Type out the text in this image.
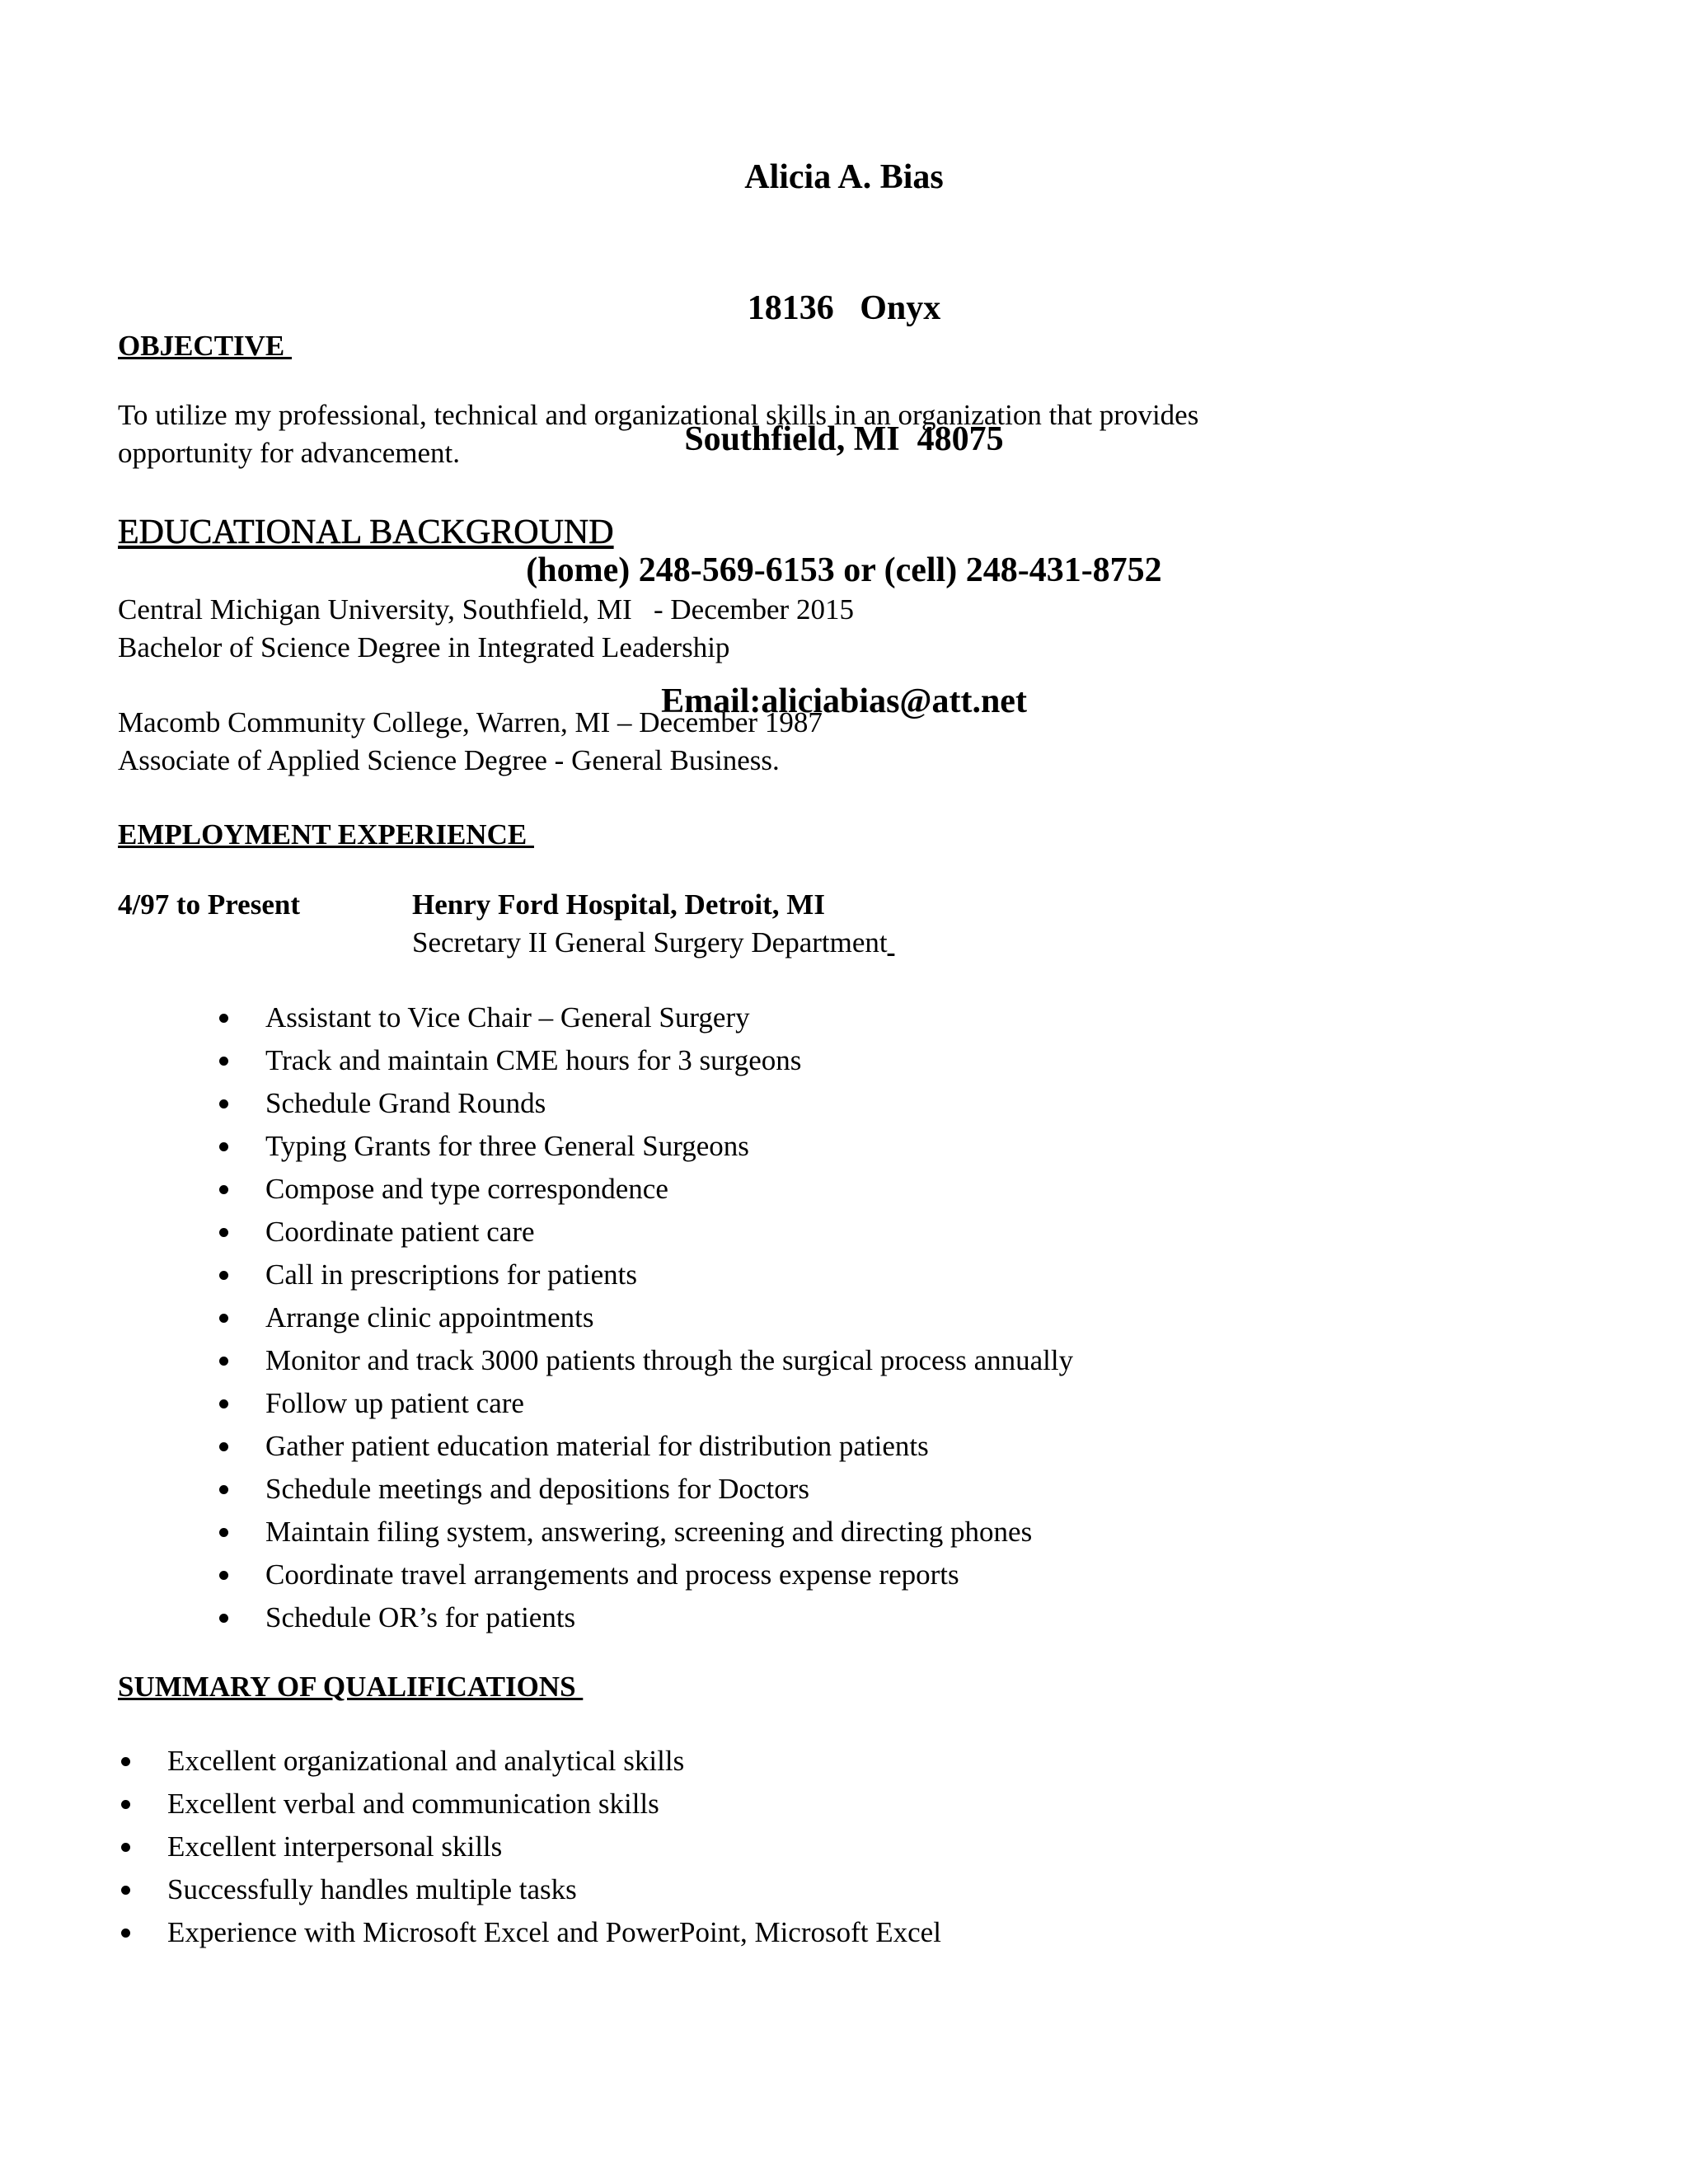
Alicia A. Bias

18136   Onyx

Southfield, MI  48075

(home) 248-569-6153 or (cell) 248-431-8752

Email:aliciabias@att.net

OBJECTIVE
To utilize my professional, technical and organizational skills in an organization that provides
opportunity for advancement.
EDUCATIONAL BACKGROUND
Central Michigan University, Southfield, MI   - December 2015
Bachelor of Science Degree in Integrated Leadership
Macomb Community College, Warren, MI – December 1987
Associate of Applied Science Degree - General Business.
EMPLOYMENT EXPERIENCE
4/97 to Present	Henry Ford Hospital, Detroit, MI
Secretary II General Surgery Department
Assistant to Vice Chair – General Surgery
Track and maintain CME hours for 3 surgeons
Schedule Grand Rounds
Typing Grants for three General Surgeons
Compose and type correspondence
Coordinate patient care
Call in prescriptions for patients
Arrange clinic appointments
Monitor and track 3000 patients through the surgical process annually
Follow up patient care
Gather patient education material for distribution patients
Schedule meetings and depositions for Doctors
Maintain filing system, answering, screening and directing phones
Coordinate travel arrangements and process expense reports
Schedule OR’s for patients
SUMMARY OF QUALIFICATIONS
Excellent organizational and analytical skills
Excellent verbal and communication skills
Excellent interpersonal skills
Successfully handles multiple tasks
Experience with Microsoft Excel and PowerPoint, Microsoft Excel
